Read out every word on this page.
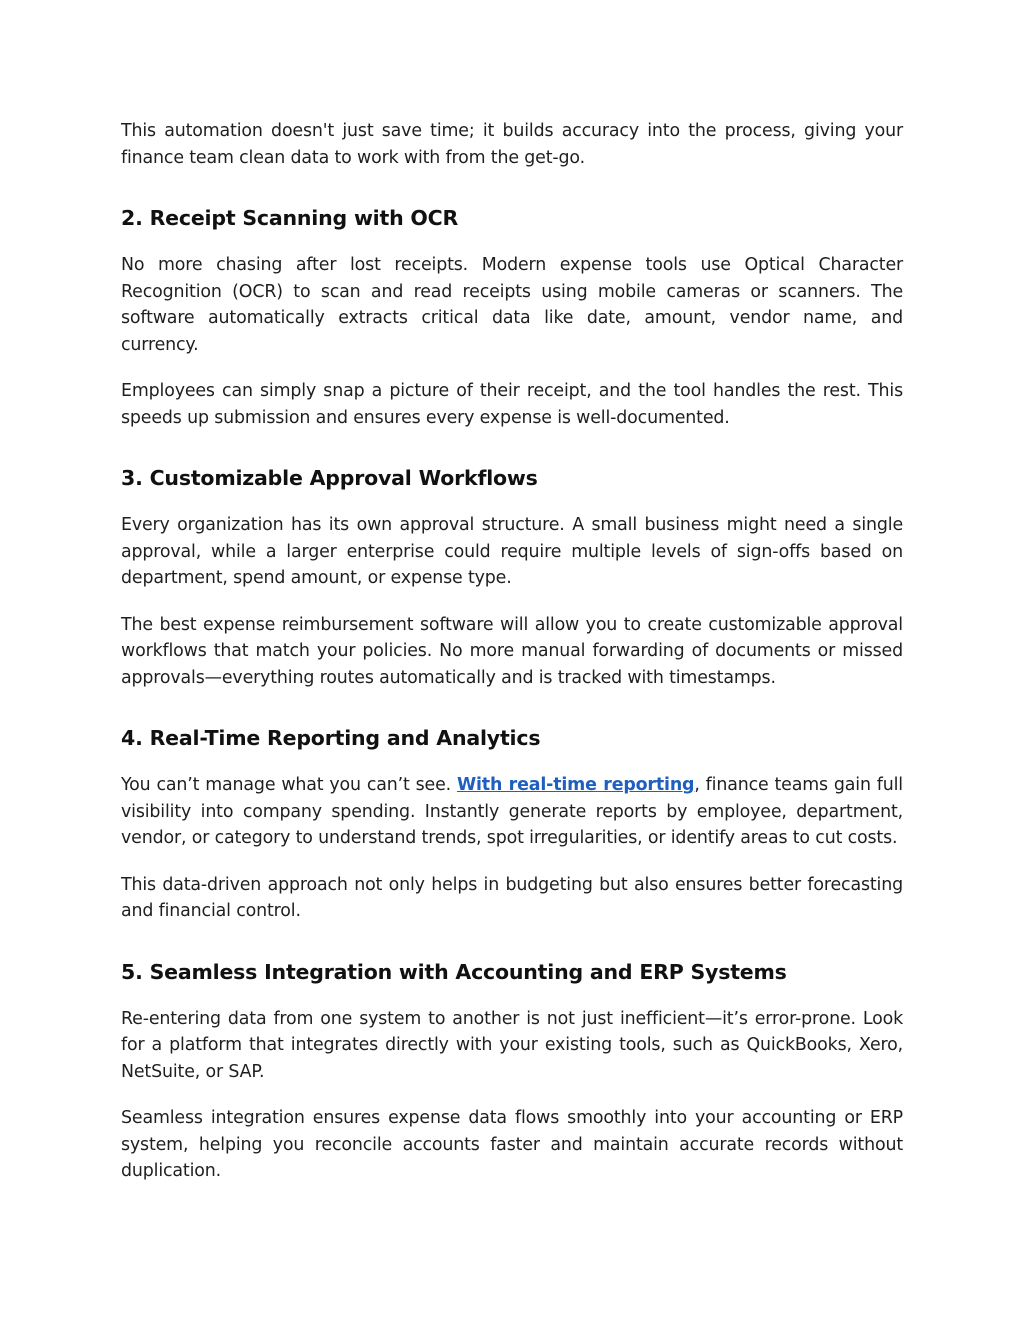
This automation doesn't just save time; it builds accuracy into the process, giving your finance team clean data to work with from the get-go.

2. Receipt Scanning with OCR

No more chasing after lost receipts. Modern expense tools use Optical Character Recognition (OCR) to scan and read receipts using mobile cameras or scanners. The software automatically extracts critical data like date, amount, vendor name, and currency.

Employees can simply snap a picture of their receipt, and the tool handles the rest. This speeds up submission and ensures every expense is well-documented.

3. Customizable Approval Workflows

Every organization has its own approval structure. A small business might need a single approval, while a larger enterprise could require multiple levels of sign-offs based on department, spend amount, or expense type.

The best expense reimbursement software will allow you to create customizable approval workflows that match your policies. No more manual forwarding of documents or missed approvals—everything routes automatically and is tracked with timestamps.

4. Real-Time Reporting and Analytics

You can’t manage what you can’t see. With real-time reporting, finance teams gain full visibility into company spending. Instantly generate reports by employee, department, vendor, or category to understand trends, spot irregularities, or identify areas to cut costs.

This data-driven approach not only helps in budgeting but also ensures better forecasting and financial control.

5. Seamless Integration with Accounting and ERP Systems

Re-entering data from one system to another is not just inefficient—it’s error-prone. Look for a platform that integrates directly with your existing tools, such as QuickBooks, Xero, NetSuite, or SAP.

Seamless integration ensures expense data flows smoothly into your accounting or ERP system, helping you reconcile accounts faster and maintain accurate records without duplication.
